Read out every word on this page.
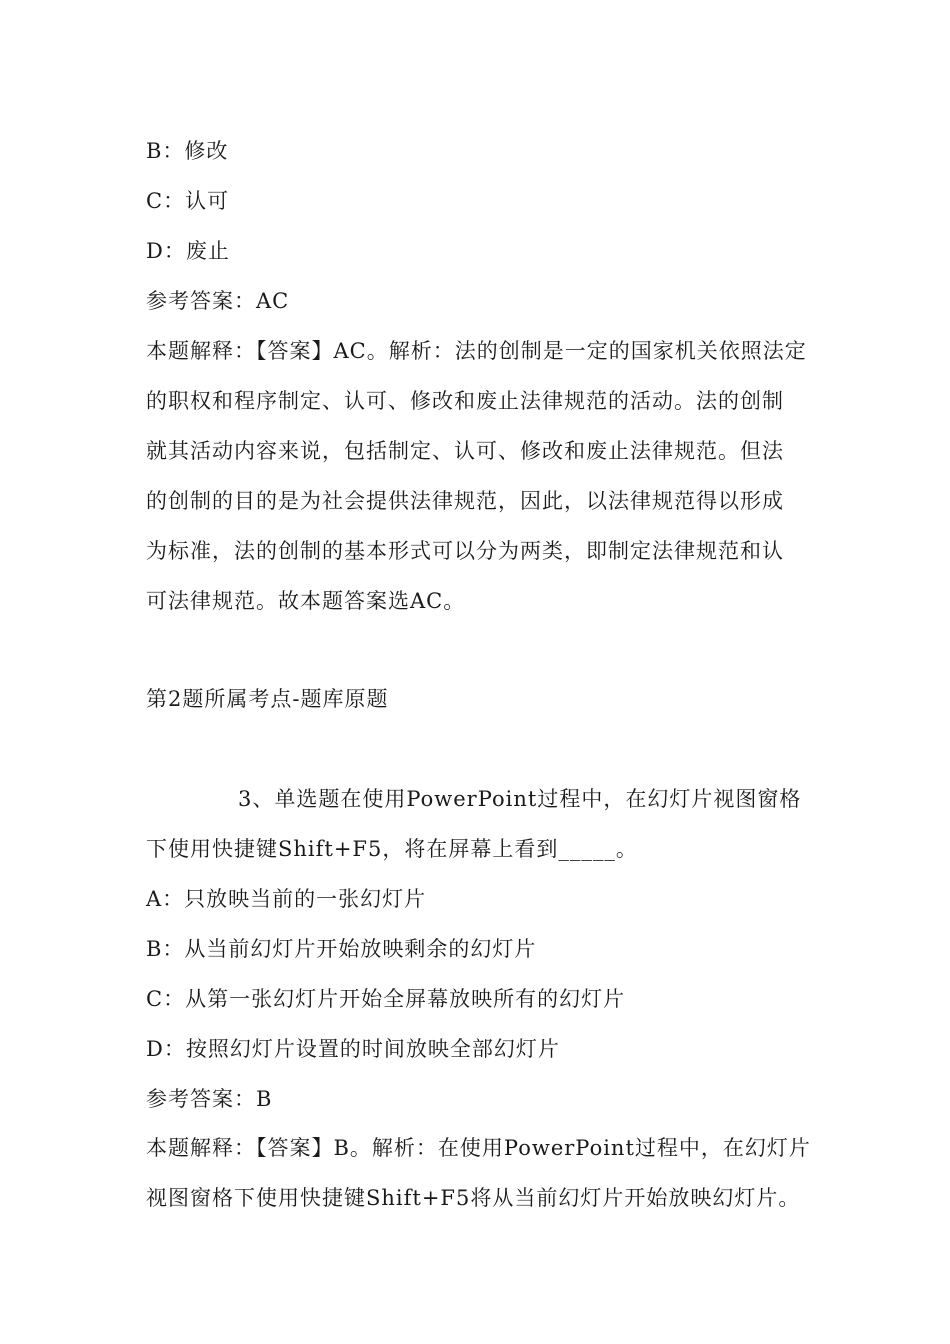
B：修改
C：认可
D：废止
参考答案：AC
本题解释：【答案】AC。解析：法的创制是一定的国家机关依照法定
的职权和程序制定、认可、修改和废止法律规范的活动。法的创制
就其活动内容来说，包括制定、认可、修改和废止法律规范。但法
的创制的目的是为社会提供法律规范，因此，以法律规范得以形成
为标准，法的创制的基本形式可以分为两类，即制定法律规范和认
可法律规范。故本题答案选AC。
第2题所属考点-题库原题
3、单选题在使用PowerPoint过程中，在幻灯片视图窗格
下使用快捷键Shift+F5，将在屏幕上看到_____。
A：只放映当前的一张幻灯片
B：从当前幻灯片开始放映剩余的幻灯片
C：从第一张幻灯片开始全屏幕放映所有的幻灯片
D：按照幻灯片设置的时间放映全部幻灯片
参考答案：B
本题解释：【答案】B。解析：在使用PowerPoint过程中，在幻灯片
视图窗格下使用快捷键Shift+F5将从当前幻灯片开始放映幻灯片。
